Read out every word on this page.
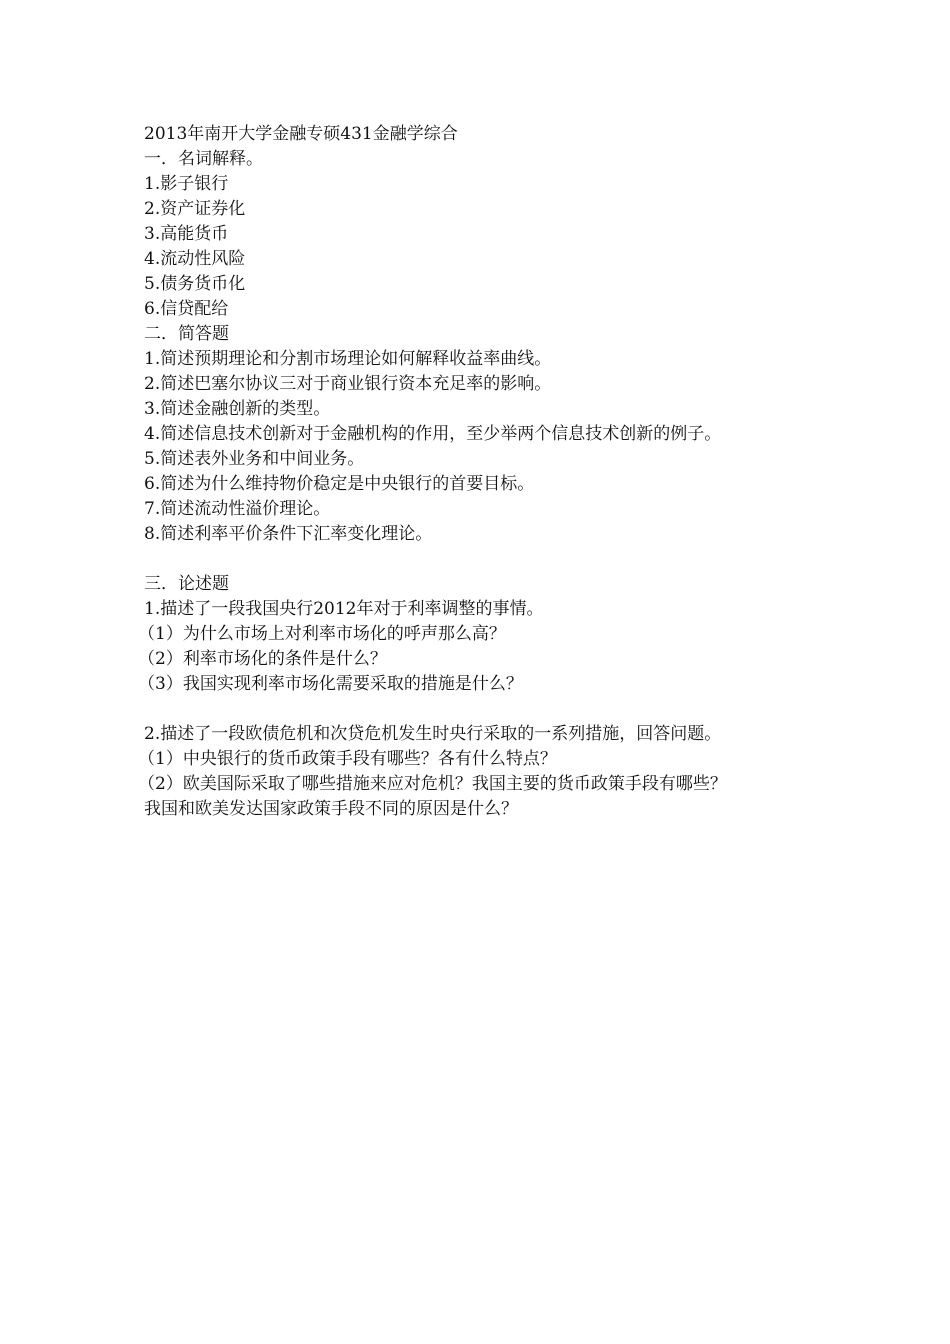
2013年南开大学金融专硕431金融学综合
一．名词解释。
1.影子银行
2.资产证券化
3.高能货币
4.流动性风险
5.债务货币化
6.信贷配给
二．简答题
1.简述预期理论和分割市场理论如何解释收益率曲线。
2.简述巴塞尔协议三对于商业银行资本充足率的影响。
3.简述金融创新的类型。
4.简述信息技术创新对于金融机构的作用，至少举两个信息技术创新的例子。
5.简述表外业务和中间业务。
6.简述为什么维持物价稳定是中央银行的首要目标。
7.简述流动性溢价理论。
8.简述利率平价条件下汇率变化理论。
三．论述题
1.描述了一段我国央行2012年对于利率调整的事情。
（1）为什么市场上对利率市场化的呼声那么高？
（2）利率市场化的条件是什么？
（3）我国实现利率市场化需要采取的措施是什么？
2.描述了一段欧债危机和次贷危机发生时央行采取的一系列措施，回答问题。
（1）中央银行的货币政策手段有哪些？各有什么特点？
（2）欧美国际采取了哪些措施来应对危机？我国主要的货币政策手段有哪些？
我国和欧美发达国家政策手段不同的原因是什么？
